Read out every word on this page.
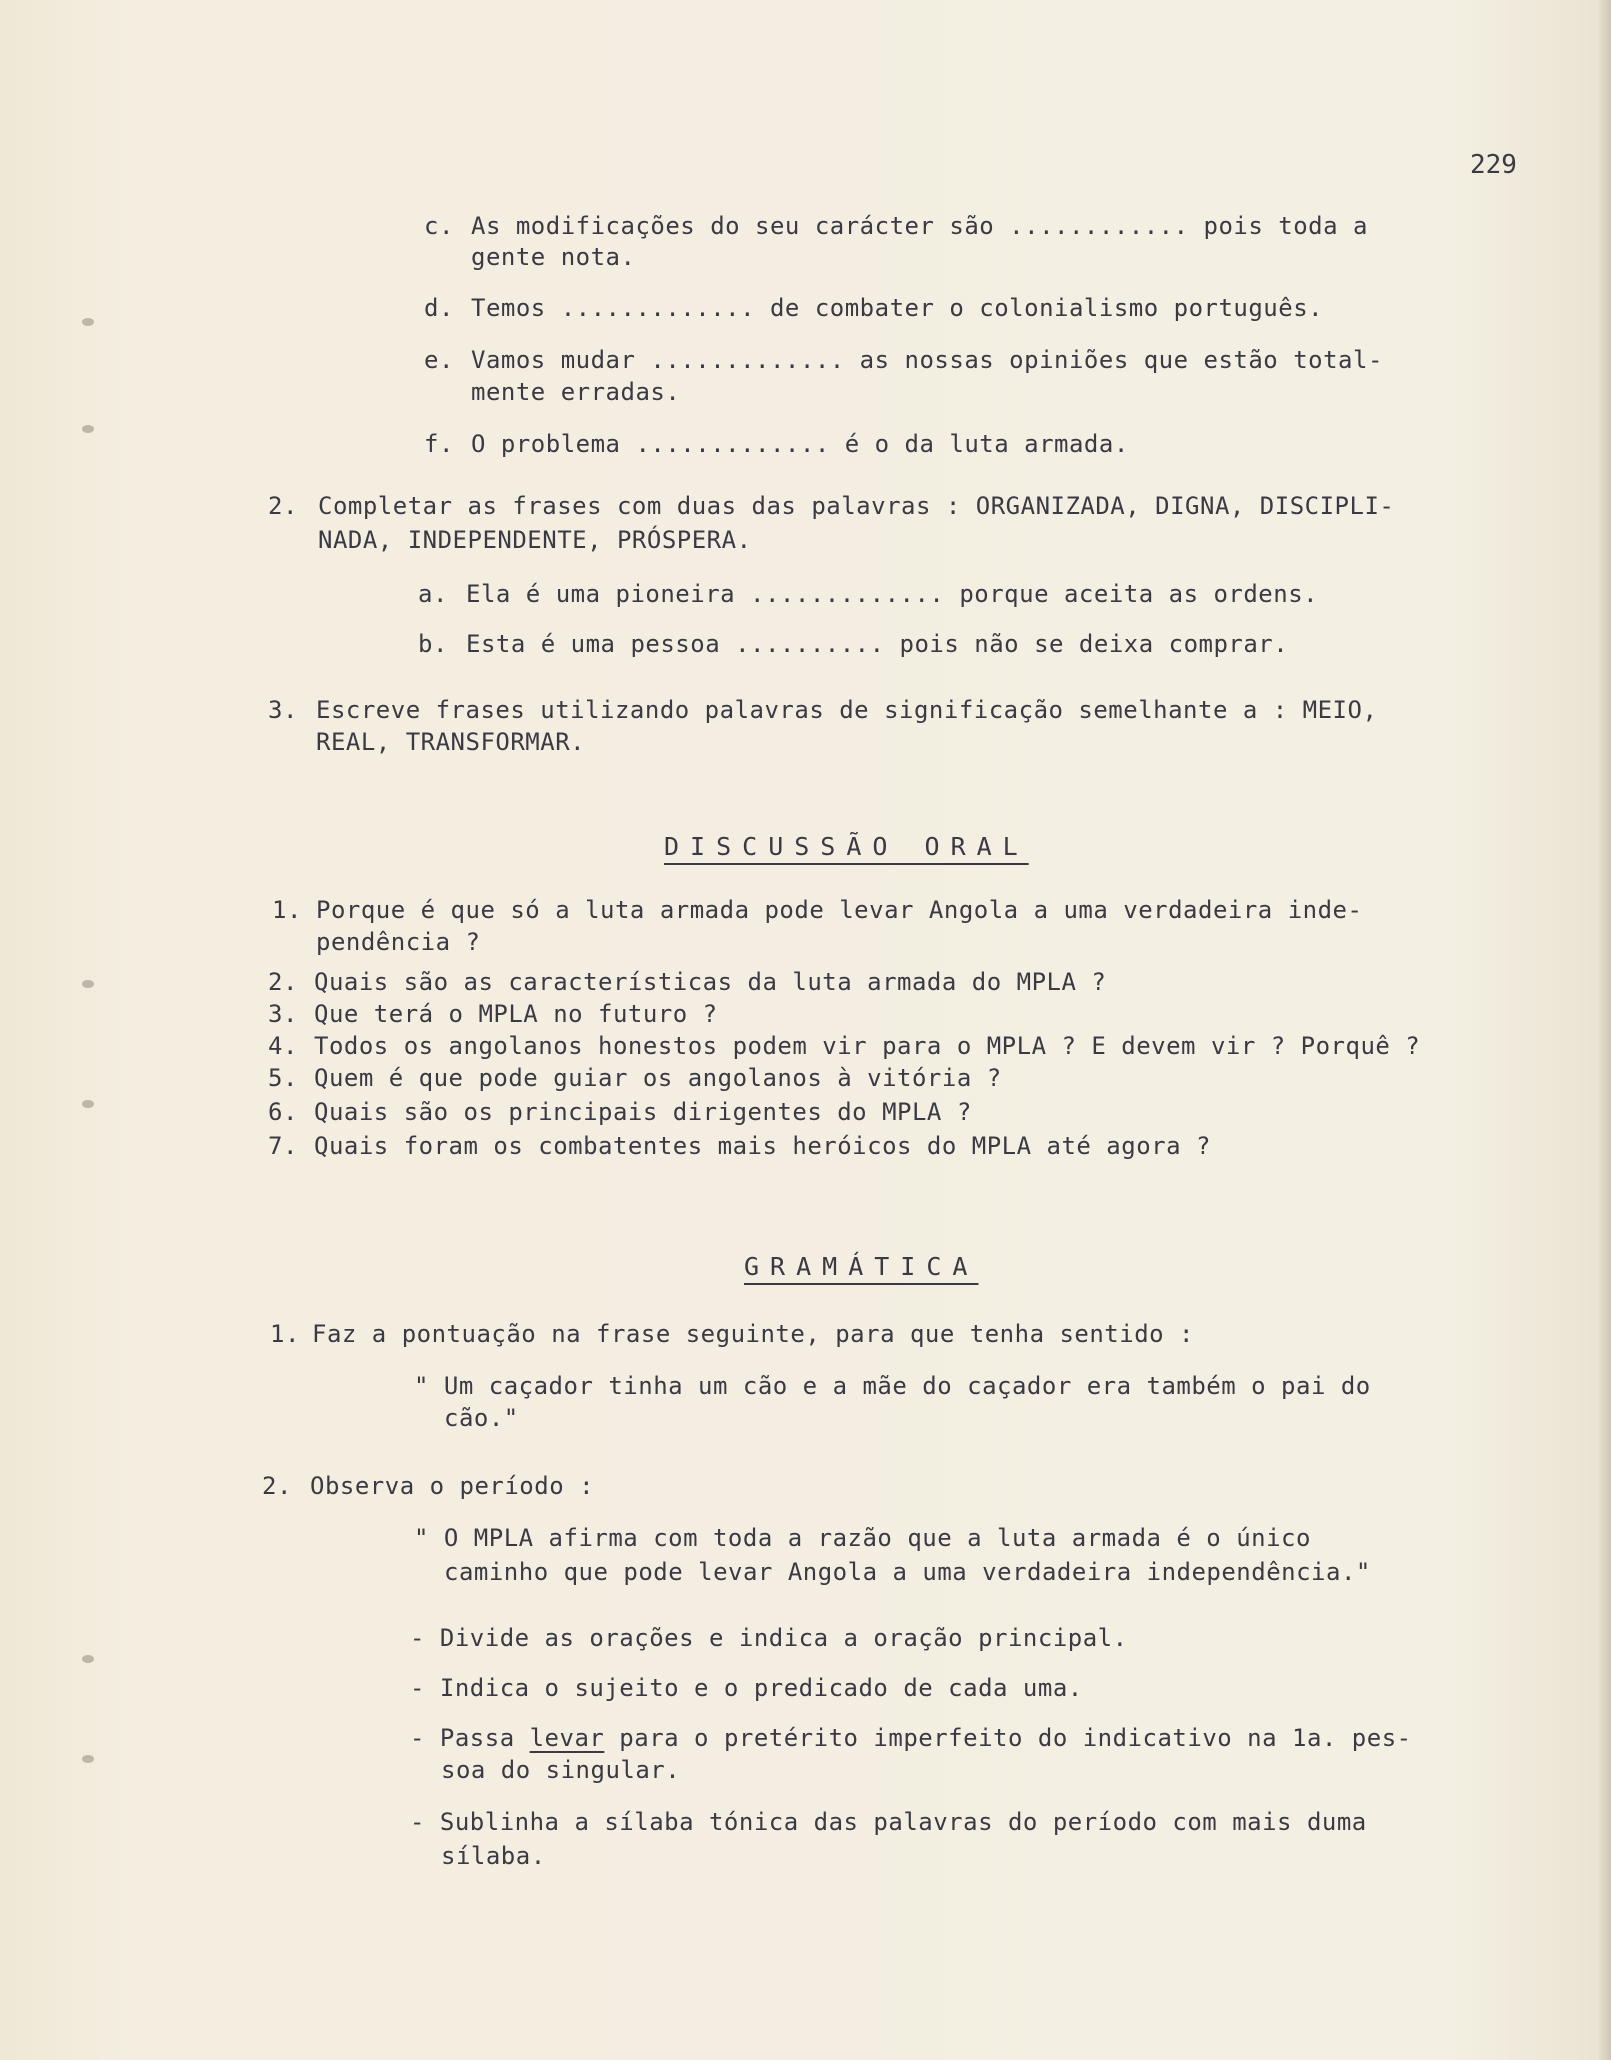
229
c. As modificações do seu carácter são ............ pois toda a
gente nota.
d. Temos ............. de combater o colonialismo português.
e. Vamos mudar ............. as nossas opiniões que estão total-
mente erradas.
f. O problema ............. é o da luta armada.
2. Completar as frases com duas das palavras : ORGANIZADA, DIGNA, DISCIPLI-
NADA, INDEPENDENTE, PRÓSPERA.
a. Ela é uma pioneira ............. porque aceita as ordens.
b. Esta é uma pessoa .......... pois não se deixa comprar.
3. Escreve frases utilizando palavras de significação semelhante a : MEIO,
REAL, TRANSFORMAR.
DISCUSSÃO ORAL
1. Porque é que só a luta armada pode levar Angola a uma verdadeira inde-
pendência ?
2. Quais são as características da luta armada do MPLA ?
3. Que terá o MPLA no futuro ?
4. Todos os angolanos honestos podem vir para o MPLA ? E devem vir ? Porquê ?
5. Quem é que pode guiar os angolanos à vitória ?
6. Quais são os principais dirigentes do MPLA ?
7. Quais foram os combatentes mais heróicos do MPLA até agora ?
GRAMÁTICA
1. Faz a pontuação na frase seguinte, para que tenha sentido :
" Um caçador tinha um cão e a mãe do caçador era também o pai do
cão."
2. Observa o período :
" O MPLA afirma com toda a razão que a luta armada é o único
caminho que pode levar Angola a uma verdadeira independência."
- Divide as orações e indica a oração principal.
- Indica o sujeito e o predicado de cada uma.
- Passa levar para o pretérito imperfeito do indicativo na 1a. pes-
soa do singular.
- Sublinha a sílaba tónica das palavras do período com mais duma
sílaba.
